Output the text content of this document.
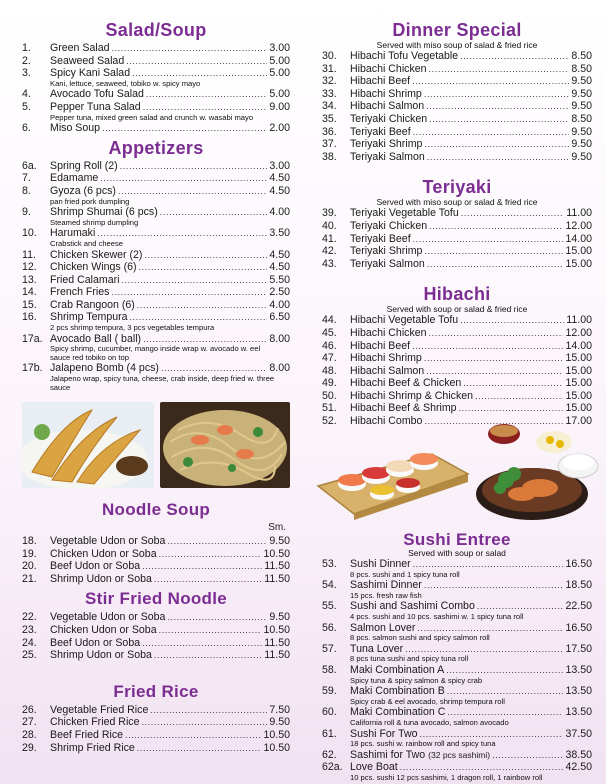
Salad/Soup
1.	Green Salad .....	3.00
2.	Seaweed Salad .....	5.00
3.	Spicy Kani Salad .....	5.00
Kani, lettuce, seaweed, tobiko w. spicy mayo
4.	Avocado Tofu Salad .....	5.00
5.	Pepper Tuna Salad .....	9.00
Pepper tuna, mixed green salad and crunch w. wasabi mayo
6.	Miso Soup .....	2.00
Appetizers
6a.	Spring Roll (2) .....	3.00
7.	Edamame .....	4.50
8.	Gyoza (6 pcs) .....	4.50
pan fried pork dumpling
9.	Shrimp Shumai (6 pcs) .....	4.00
Steamed shrimp dumpling
10.	Harumaki .....	3.50
Crabstick and cheese
11.	Chicken Skewer (2) .....	4.50
12.	Chicken Wings (6) .....	4.50
13.	Fried Calamari .....	5.50
14.	French Fries .....	2.50
15.	Crab Rangoon (6) .....	4.00
16.	Shrimp Tempura .....	6.50
2 pcs shrimp tempura, 3 pcs vegetables tempura
17a. Avocado Ball ( ball) .....	8.00
Spicy shrimp, cucumber, mango inside wrap w. avocado w. eel sauce red tobiko on top
17b. Jalapeno Bomb (4 pcs) .....	8.00
Jalapeno wrap, spicy tuna, cheese, crab inside, deep fried w. three sauce
Noodle Soup
Sm.
18.	Vegetable Udon or Soba .....	9.50
19.	Chicken Udon or Soba .....	10.50
20.	Beef Udon or Soba .....	11.50
21.	Shrimp Udon or Soba .....	11.50
Stir Fried Noodle
22.	Vegetable Udon or Soba .....	9.50
23.	Chicken Udon or Soba .....	10.50
24.	Beef Udon or Soba .....	11.50
25.	Shrimp Udon or Soba .....	11.50
Fried Rice
26.	Vegetable Fried Rice .....	7.50
27.	Chicken Fried Rice .....	9.50
28.	Beef Fried Rice .....	10.50
29.	Shrimp Fried Rice .....	10.50
Dinner Special
Served with miso soup of salad & fried rice
30.	Hibachi Tofu Vegetable .....	8.50
31.	Hibachi Chicken .....	8.50
32.	Hibachi Beef .....	9.50
33.	Hibachi Shrimp .....	9.50
34.	Hibachi Salmon .....	9.50
35.	Teriyaki Chicken .....	8.50
36.	Teriyaki Beef .....	9.50
37.	Teriyaki Shrimp .....	9.50
38.	Teriyaki Salmon .....	9.50
Teriyaki
Served with miso soup or salad & fried rice
39.	Teriyaki Vegetable Tofu .....	11.00
40.	Teriyaki Chicken .....	12.00
41.	Teriyaki Beef .....	14.00
42.	Teriyaki Shrimp .....	15.00
43.	Teriyaki Salmon .....	15.00
Hibachi
Served with soup or salad & fried rice
44.	Hibachi Vegetable Tofu .....	11.00
45.	Hibachi Chicken .....	12.00
46.	Hibachi Beef .....	14.00
47.	Hibachi Shrimp .....	15.00
48.	Hibachi Salmon .....	15.00
49.	Hibachi Beef & Chicken .....	15.00
50.	Hibachi Shrimp & Chicken .....	15.00
51.	Hibachi Beef & Shrimp .....	15.00
52.	Hibachi Combo .....	17.00
Sushi Entree
Served with soup or salad
53.	Sushi Dinner .....	16.50
8 pcs. sushi and 1 spicy tuna roll
54.	Sashimi Dinner .....	18.50
15 pcs. fresh raw fish
55.	Sushi and Sashimi Combo .....	22.50
4 pcs. sushi and 10 pcs. sashimi w. 1 spicy tuna roll
56.	Salmon Lover .....	16.50
8 pcs. salmon sushi and spicy salmon roll
57.	Tuna Lover .....	17.50
8 pcs tuna sushi and spicy tuna roll
58.	Maki Combination A .....	13.50
Spicy tuna & spicy salmon & spicy crab
59.	Maki Combination B .....	13.50
Spicy crab & eel avocado, shrimp tempura roll
60.	Maki Combination C .....	13.50
California roll & tuna avocado, salmon avocado
61.	Sushi For Two .....	37.50
18 pcs. sushi w. rainbow roll and spicy tuna
62.	Sashimi for Two (32 pcs sashimi) .....	38.50
62a. Love Boat .....	42.50
10 pcs. sushi 12 pcs sashimi, 1 dragon roll, 1 rainbow roll
